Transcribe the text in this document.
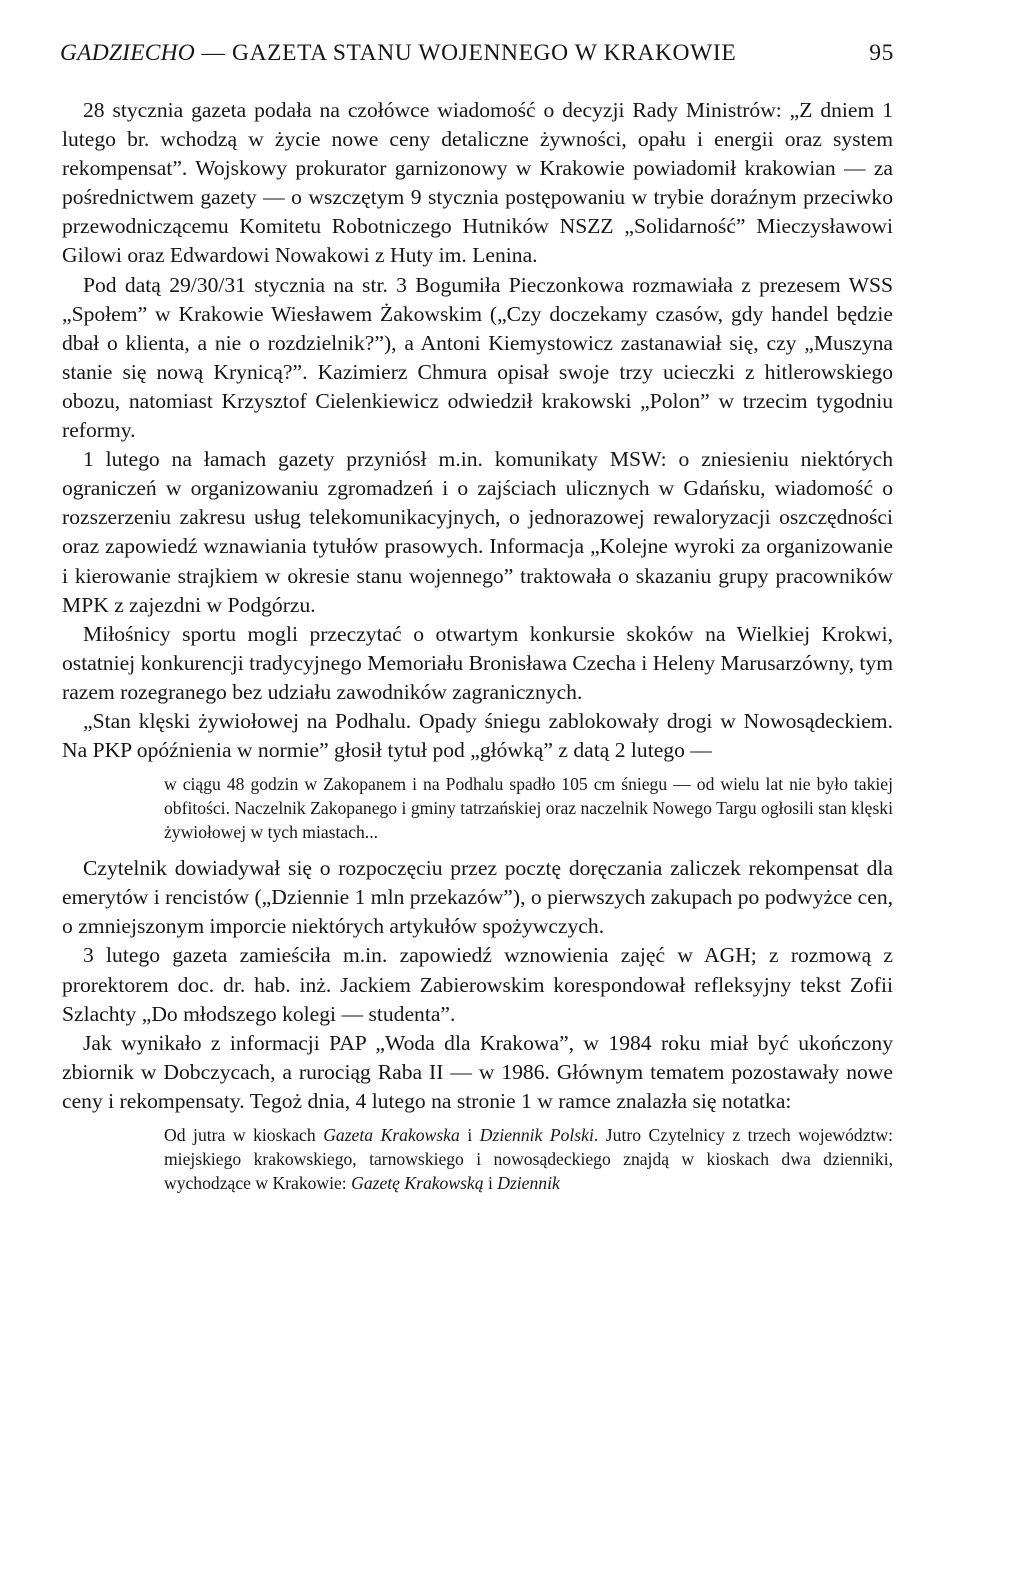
GADZIECHO — GAZETA STANU WOJENNEGO W KRAKOWIE	95

28 stycznia gazeta podała na czołówce wiadomość o decyzji Rady Ministrów: „Z dniem 1 lutego br. wchodzą w życie nowe ceny detaliczne żywności, opału i energii oraz system rekompensat”. Wojskowy prokurator garnizonowy w Krakowie powiadomił krakowian — za pośrednictwem gazety — o wszczętym 9 stycznia postępowaniu w trybie doraźnym przeciwko przewodniczącemu Komitetu Robotniczego Hutników NSZZ „Solidarność” Mieczysławowi Gilowi oraz Edwardowi Nowakowi z Huty im. Lenina.

Pod datą 29/30/31 stycznia na str. 3 Bogumiła Pieczonkowa rozmawiała z prezesem WSS „Społem” w Krakowie Wiesławem Żakowskim („Czy doczekamy czasów, gdy handel będzie dbał o klienta, a nie o rozdzielnik?”), a Antoni Kiemystowicz zastanawiał się, czy „Muszyna stanie się nową Krynicą?”. Kazimierz Chmura opisał swoje trzy ucieczki z hitlerowskiego obozu, natomiast Krzysztof Cielenkiewicz odwiedził krakowski „Polon” w trzecim tygodniu reformy.

1 lutego na łamach gazety przyniósł m.in. komunikaty MSW: o zniesieniu niektórych ograniczeń w organizowaniu zgromadzeń i o zajściach ulicznych w Gdańsku, wiadomość o rozszerzeniu zakresu usług telekomunikacyjnych, o jednorazowej rewaloryzacji oszczędności oraz zapowiedź wznawiania tytułów prasowych. Informacja „Kolejne wyroki za organizowanie i kierowanie strajkiem w okresie stanu wojennego” traktowała o skazaniu grupy pracowników MPK z zajezdni w Podgórzu.

Miłośnicy sportu mogli przeczytać o otwartym konkursie skoków na Wielkiej Krokwi, ostatniej konkurencji tradycyjnego Memoriału Bronisława Czecha i Heleny Marusarzówny, tym razem rozegranego bez udziału zawodników zagranicznych.

„Stan klęski żywiołowej na Podhalu. Opady śniegu zablokowały drogi w Nowosądeckiem. Na PKP opóźnienia w normie” głosił tytuł pod „główką” z datą 2 lutego —

w ciągu 48 godzin w Zakopanem i na Podhalu spadło 105 cm śniegu — od wielu lat nie było takiej obfitości. Naczelnik Zakopanego i gminy tatrzańskiej oraz naczelnik Nowego Targu ogłosili stan klęski żywiołowej w tych miastach...

Czytelnik dowiadywał się o rozpoczęciu przez pocztę doręczania zaliczek rekompensat dla emerytów i rencistów („Dziennie 1 mln przekazów”), o pierwszych zakupach po podwyżce cen, o zmniejszonym imporcie niektórych artykułów spożywczych.

3 lutego gazeta zamieściła m.in. zapowiedź wznowienia zajęć w AGH; z rozmową z prorektorem doc. dr. hab. inż. Jackiem Zabierowskim korespondował refleksyjny tekst Zofii Szlachty „Do młodszego kolegi — studenta”.

Jak wynikało z informacji PAP „Woda dla Krakowa”, w 1984 roku miał być ukończony zbiornik w Dobczycach, a rurociąg Raba II — w 1986. Głównym tematem pozostawały nowe ceny i rekompensaty. Tegoż dnia, 4 lutego na stronie 1 w ramce znalazła się notatka:

Od jutra w kioskach Gazeta Krakowska i Dziennik Polski. Jutro Czytelnicy z trzech województw: miejskiego krakowskiego, tarnowskiego i nowosądeckiego znajdą w kioskach dwa dzienniki, wychodzące w Krakowie: Gazetę Krakowską i Dziennik
